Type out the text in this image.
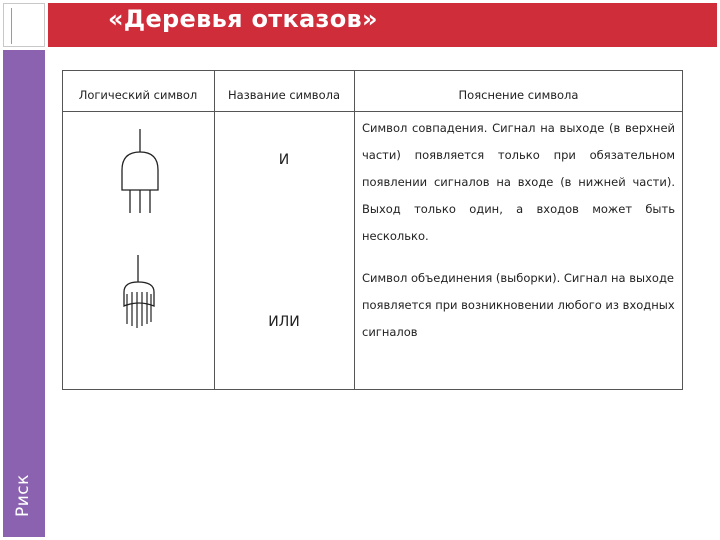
«Деревья отказов»
Риск
Логический символ	Название символа	Пояснение символа
И
Символ совпадения. Сигнал на выходе (в верхней части) появляется только при обязательном появлении сигналов на входе (в нижней части). Выход только один, а входов может быть несколько.
ИЛИ
Символ объединения (выборки). Сигнал на выходе появляется при возникновении любого из входных сигналов
